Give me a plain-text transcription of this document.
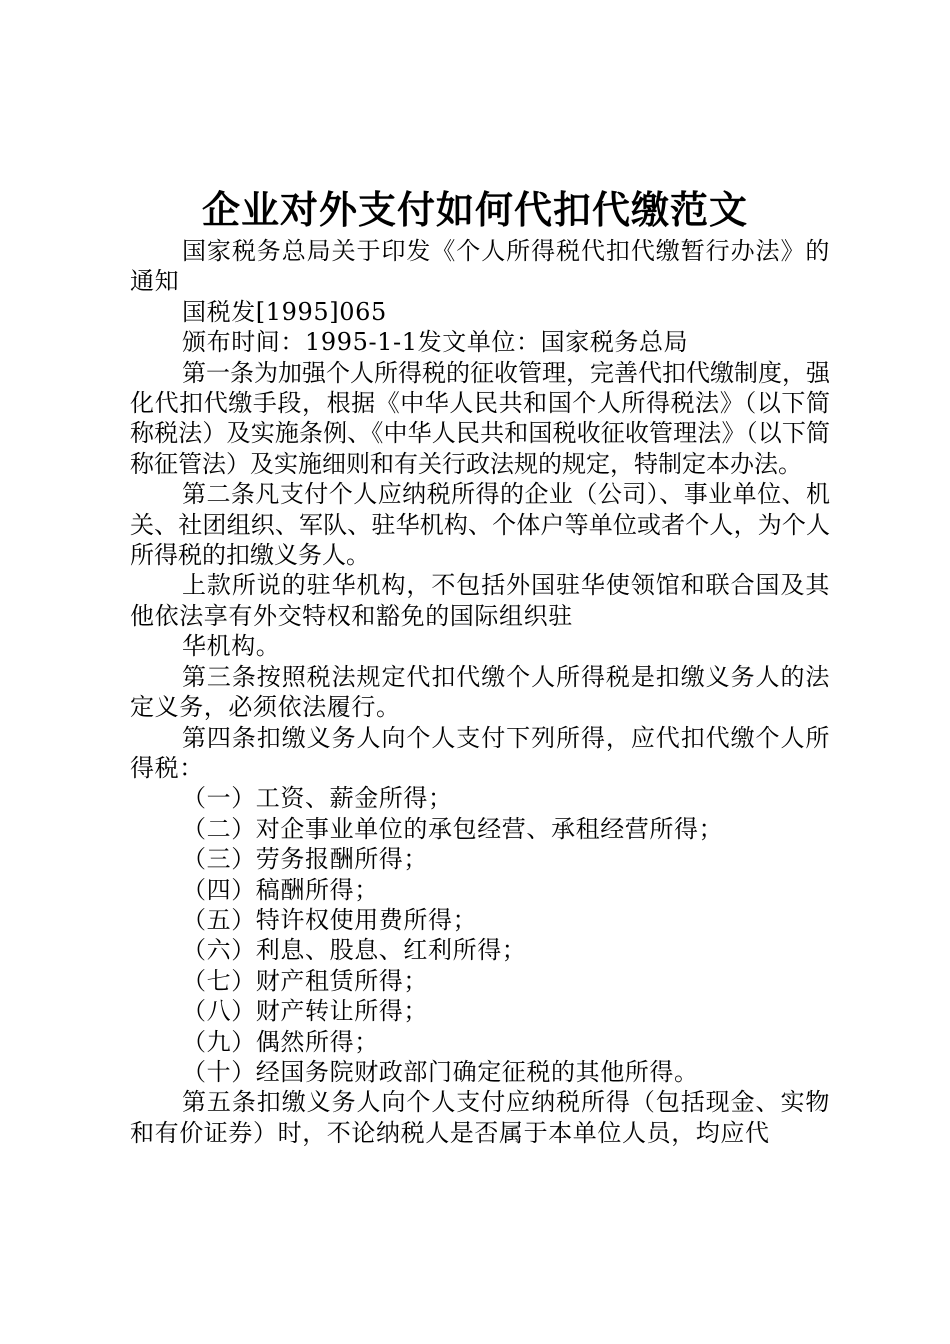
企业对外支付如何代扣代缴范文

国家税务总局关于印发《个人所得税代扣代缴暂行办法》的通知

国税发[1995]065

颁布时间：1995-1-1发文单位：国家税务总局

第一条为加强个人所得税的征收管理，完善代扣代缴制度，强化代扣代缴手段，根据《中华人民共和国个人所得税法》（以下简称税法）及实施条例、《中华人民共和国税收征收管理法》（以下简称征管法）及实施细则和有关行政法规的规定，特制定本办法。

第二条凡支付个人应纳税所得的企业（公司）、事业单位、机关、社团组织、军队、驻华机构、个体户等单位或者个人，为个人所得税的扣缴义务人。

上款所说的驻华机构，不包括外国驻华使领馆和联合国及其他依法享有外交特权和豁免的国际组织驻

华机构。

第三条按照税法规定代扣代缴个人所得税是扣缴义务人的法定义务，必须依法履行。

第四条扣缴义务人向个人支付下列所得，应代扣代缴个人所得税：

（一）工资、薪金所得；

（二）对企事业单位的承包经营、承租经营所得；

（三）劳务报酬所得；

（四）稿酬所得；

（五）特许权使用费所得；

（六）利息、股息、红利所得；

（七）财产租赁所得；

（八）财产转让所得；

（九）偶然所得；

（十）经国务院财政部门确定征税的其他所得。

第五条扣缴义务人向个人支付应纳税所得（包括现金、实物和有价证券）时，不论纳税人是否属于本单位人员，均应代
